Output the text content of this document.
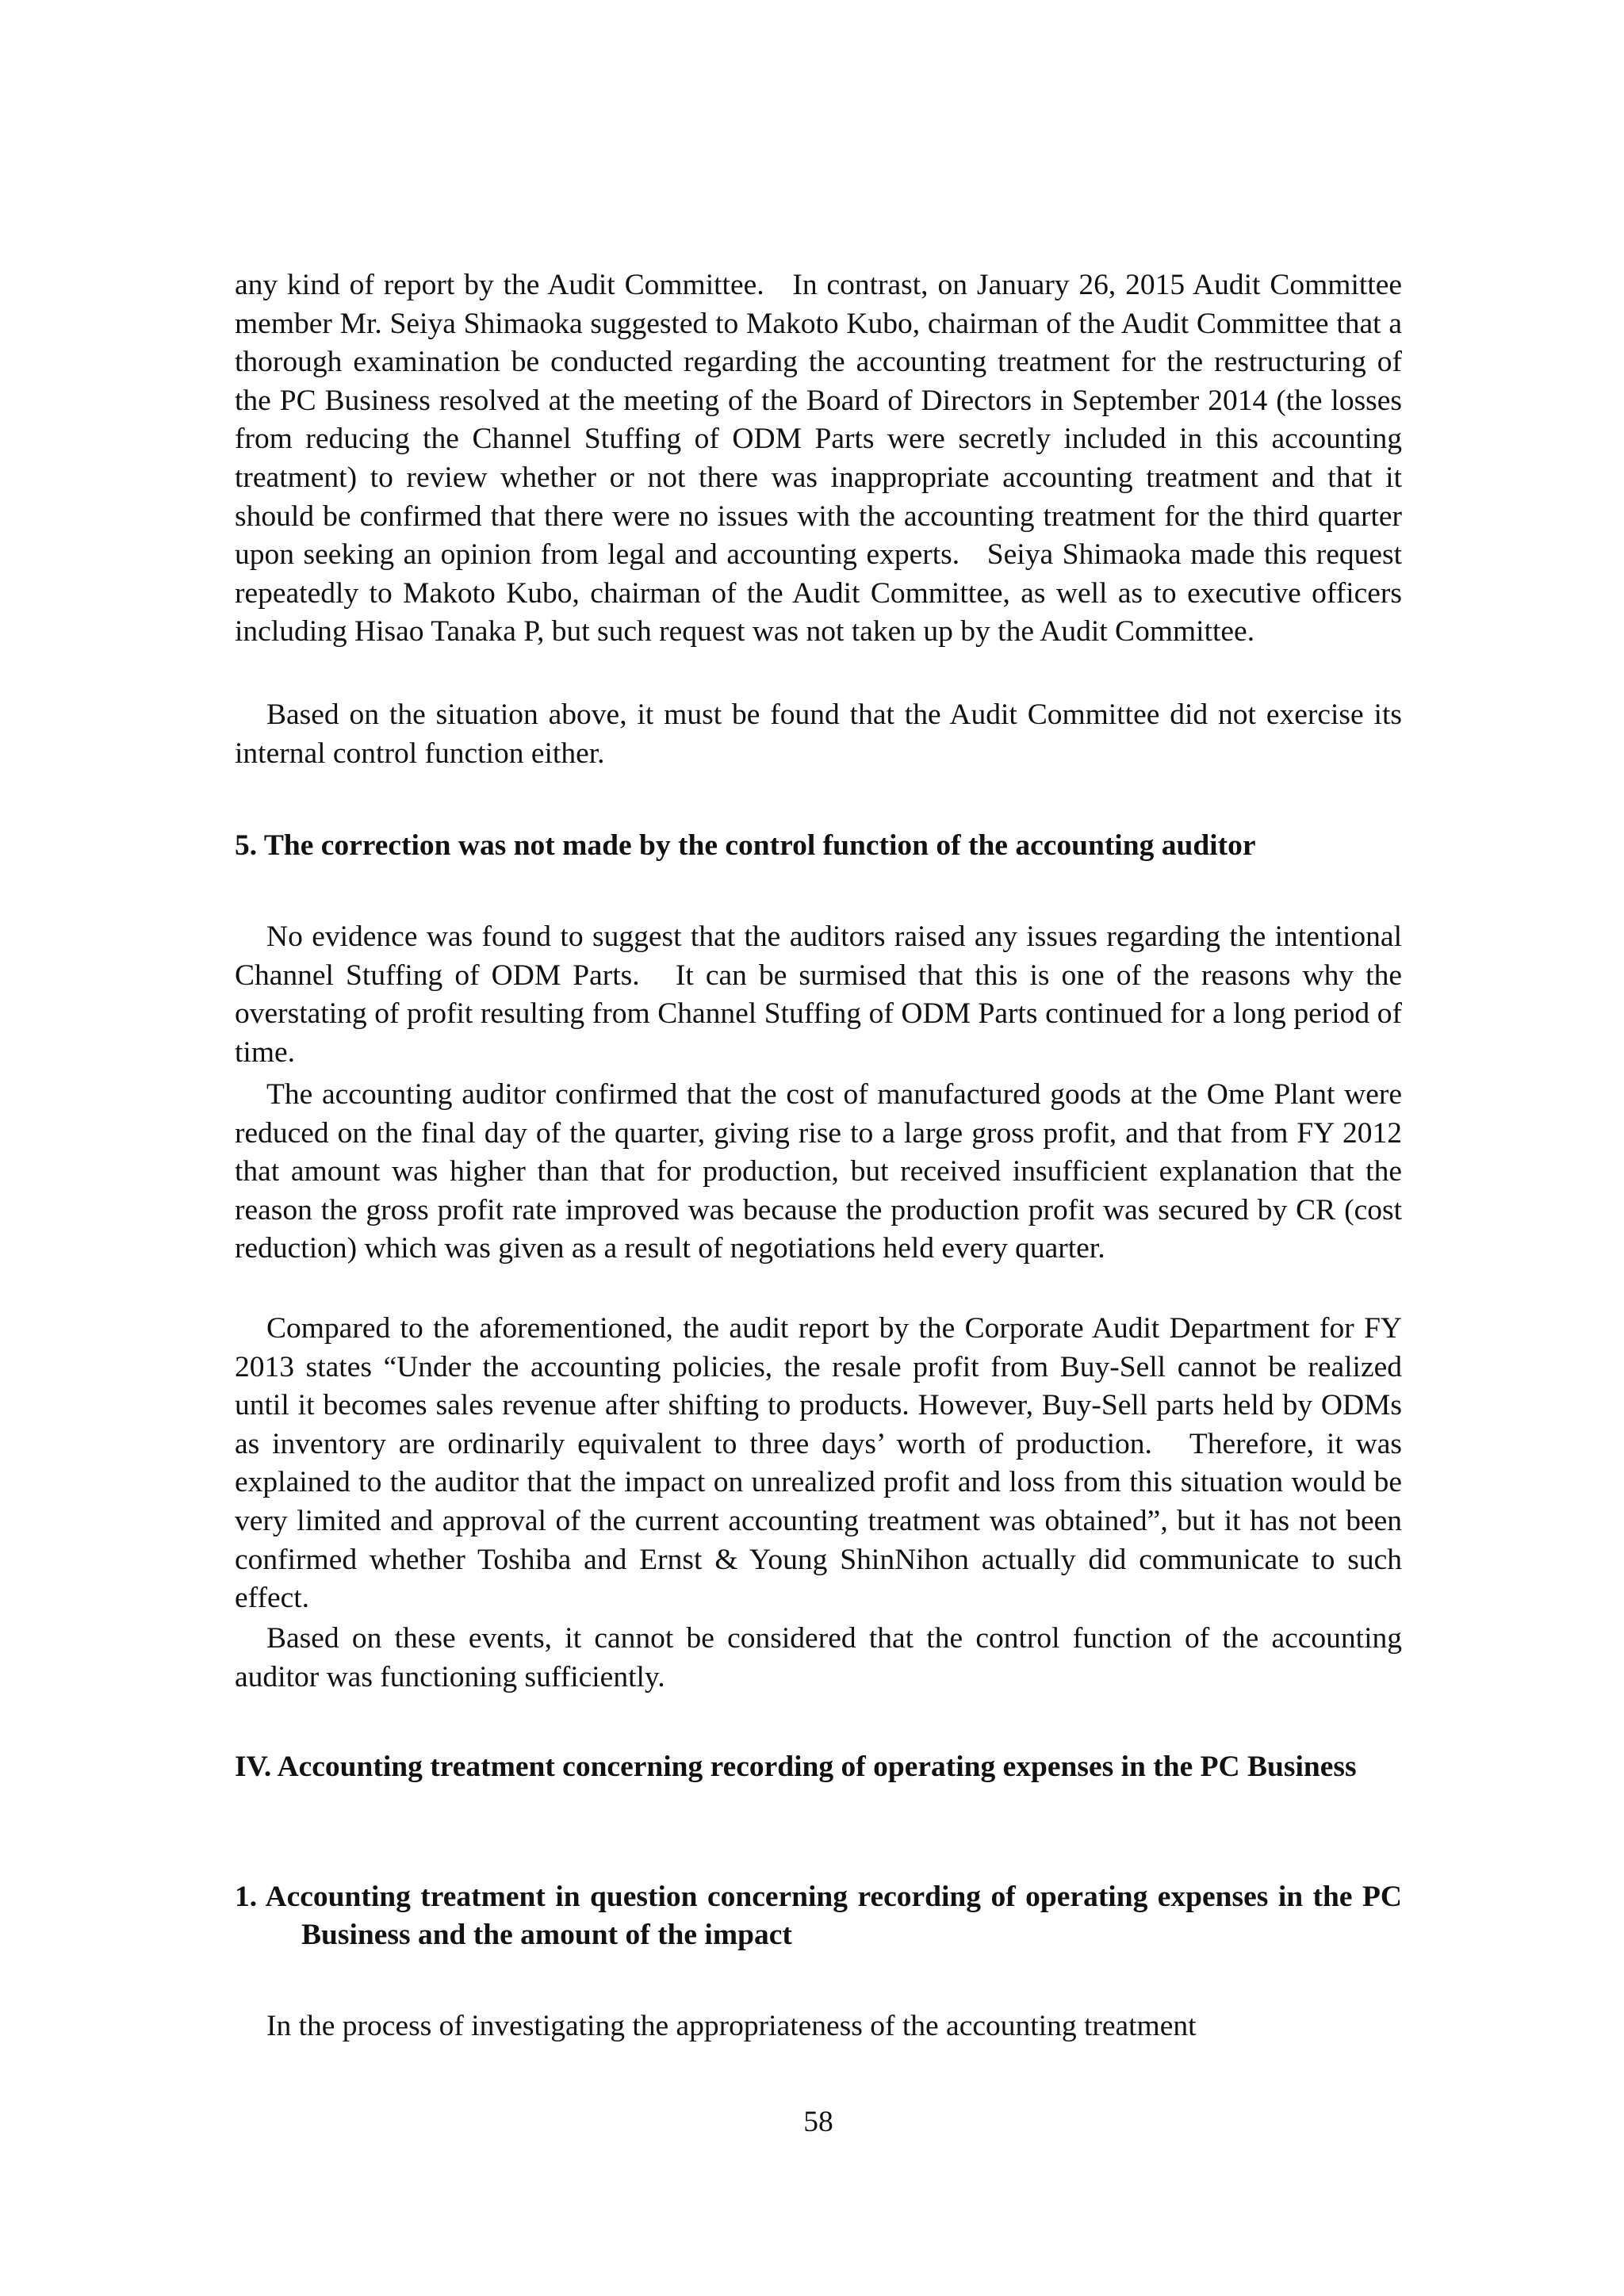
any kind of report by the Audit Committee.   In contrast, on January 26, 2015 Audit Committee member Mr. Seiya Shimaoka suggested to Makoto Kubo, chairman of the Audit Committee that a thorough examination be conducted regarding the accounting treatment for the restructuring of the PC Business resolved at the meeting of the Board of Directors in September 2014 (the losses from reducing the Channel Stuffing of ODM Parts were secretly included in this accounting treatment) to review whether or not there was inappropriate accounting treatment and that it should be confirmed that there were no issues with the accounting treatment for the third quarter upon seeking an opinion from legal and accounting experts.   Seiya Shimaoka made this request repeatedly to Makoto Kubo, chairman of the Audit Committee, as well as to executive officers including Hisao Tanaka P, but such request was not taken up by the Audit Committee.

Based on the situation above, it must be found that the Audit Committee did not exercise its internal control function either.

5. The correction was not made by the control function of the accounting auditor

No evidence was found to suggest that the auditors raised any issues regarding the intentional Channel Stuffing of ODM Parts.   It can be surmised that this is one of the reasons why the overstating of profit resulting from Channel Stuffing of ODM Parts continued for a long period of time.

The accounting auditor confirmed that the cost of manufactured goods at the Ome Plant were reduced on the final day of the quarter, giving rise to a large gross profit, and that from FY 2012 that amount was higher than that for production, but received insufficient explanation that the reason the gross profit rate improved was because the production profit was secured by CR (cost reduction) which was given as a result of negotiations held every quarter.

Compared to the aforementioned, the audit report by the Corporate Audit Department for FY 2013 states “Under the accounting policies, the resale profit from Buy-Sell cannot be realized until it becomes sales revenue after shifting to products. However, Buy-Sell parts held by ODMs as inventory are ordinarily equivalent to three days’ worth of production.   Therefore, it was explained to the auditor that the impact on unrealized profit and loss from this situation would be very limited and approval of the current accounting treatment was obtained”, but it has not been confirmed whether Toshiba and Ernst & Young ShinNihon actually did communicate to such effect.

Based on these events, it cannot be considered that the control function of the accounting auditor was functioning sufficiently.

IV. Accounting treatment concerning recording of operating expenses in the PC Business
1. Accounting treatment in question concerning recording of operating expenses in the PC Business and the amount of the impact

In the process of investigating the appropriateness of the accounting treatment

58
